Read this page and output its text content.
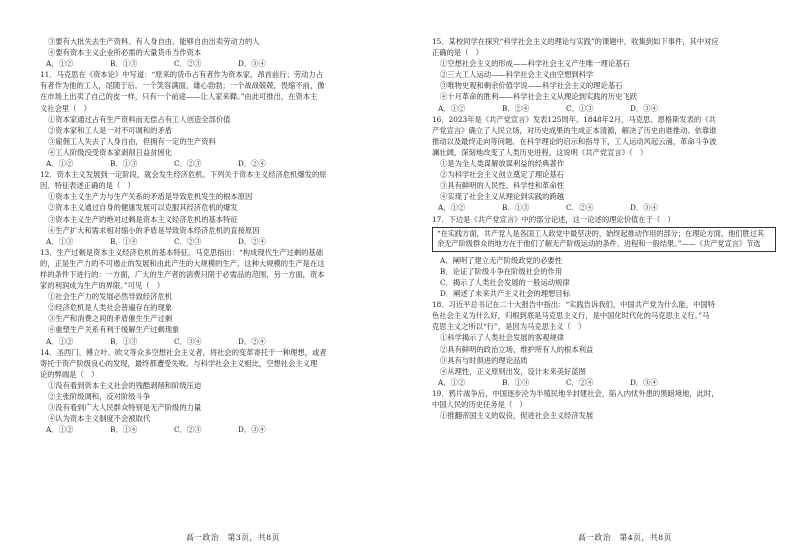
③要有大批失去生产资料、有人身自由、能够自由出卖劳动力的人
④要有资本主义企业所必需的大量货币当作资本
A．①②	B．①③	C．②③	D．③④
11．马克思在《资本论》中写道：“原来的货币占有者作为资本家，昂首前行；劳动力占
有者作为他的工人，尾随于后。一个笑容满面，雄心勃勃；一个战战兢兢，畏缩不前，像
在市场上出卖了自己的皮一样，只有一个前途——让人家来鞣。”由此可推出，在资本主
义社会里（　）
①资本家通过占有生产资料而无偿占有工人创造全部价值
②资本家和工人是一对不可调和的矛盾
③雇佣工人失去了人身自由，但拥有一定的生产资料
④工人阶级没受资本家剥削日益贫困化
A．①②	B．①③	C．②③	D．②④
12．资本主义发展到一定阶段，就会发生经济危机。下列关于资本主义经济危机爆发的原
因、特征表述正确的是（　）
①资本主义生产力与生产关系的矛盾是导致危机发生的根本原因
②资本主义通过自身的健康发展可以克服其经济危机的爆发
③资本主义生产的绝对过剩是资本主义经济危机的基本特征
④生产扩大和需求相对缩小的矛盾是导致资本经济危机的直接原因
A．①③	B．①④	C．②③	D．②④
13．生产过剩是资本主义经济危机的基本特征。马克思指出：“构成现代生产过剩的基础
的，正是生产力的不可遏止的发展和由此产生的大规模的生产，这种大规模的生产是在这
样的条件下进行的：一方面，广大的生产者的消费只限于必需品的范围，另一方面，资本
家的利润成为生产的界限。”可见（　）
①社会生产力的发展必然导致经济危机
②经济危机是人类社会普遍存在的现象
③生产和消费之间的矛盾催生生产过剩
④重塑生产关系有利于缓解生产过剩现象
A．①②	B．①③	C．③④	D．②④
14．圣西门、傅立叶、欧文等众多空想社会主义者，将社会的变革寄托于一种理想，或者
寄托于资产阶级良心的发现，最终都遭受失败。与科学社会主义相比，空想社会主义理
论的弊端是（　）
①没有看到资本主义社会的残酷剥削和阶级压迫
②主张阶级调和，反对阶级斗争
③没有看到广大人民群众特别是无产阶级的力量
④认为资本主义制度不会被取代
A．①②	B．①④	C．②③	D．③④
15．某校同学在探究“科学社会主义的理论与实践”的课题中，收集到如下事件，其中对应
正确的是（　）
①空想社会主义的形成——科学社会主义产生唯一理论基石
②三大工人运动——科学社会主义由空想到科学
③唯物史观和剩余价值学说——科学社会主义的理论基石
④十月革命的胜利——科学社会主义从理论到实践的历史飞跃
A．①②	B．②④	C．①③	D．③④
16．2023年是《共产党宣言》发表125周年。1848年2月，马克思、恩格斯发表的《共
产党宣言》确立了人民立场，对历史成果的生成正本清源，解决了历史由谁推动、依靠谁
推动以及最终走向等问题。在科学理论的启示和指导下，工人运动风起云涌，革命斗争波
澜壮阔，深刻地改变了人类历史进程。这说明《共产党宣言》（　）
①是为全人类谋解放谋利益的经典著作
②为科学社会主义创立奠定了理论基石
③具有鲜明的人民性、科学性和革命性
④实现了社会主义从理论到实践的跨越
A．①②	B．①③	C．②④	D．③④
17．下边是《共产党宣言》中的部分论述，这一论述的理论价值在于（　）
“在实践方面，共产党人是各国工人政党中最坚决的、始终起推动作用的部分；在理论方面，他们胜过其余无产阶级群众的地方在于他们了解无产阶级运动的条件、进程和一般结果。”——《共产党宣言》节选
A．阐明了建立无产阶级政党的必要性
B．论证了阶级斗争在阶级社会的作用
C．揭示了人类社会发展的一般运动规律
D．阐述了未来共产主义社会的理想目标
18．习近平总书记在二十大报告中指出：“实践告诉我们，中国共产党为什么能，中国特
色社会主义为什么好，归根到底是马克思主义行，是中国化时代化的马克思主义行。”马
克思主义之所以“行”，是因为马克思主义（　）
①科学揭示了人类社会发展的客观规律
②具有鲜明的政治立场，维护所有人的根本利益
③具有与时俱进的理论品质
④从理性，正义原则出发，设计未来美好蓝图
A．①②	B．①③	C．②④	D．③④
19．鸦片战争后，中国逐步沦为半殖民地半封建社会，陷入内忧外患的黑暗境地，此时，
中国人民的历史任务是（　）
①推翻帝国主义的奴役，促进社会主义经济发展
高一政治　第3页，共8页	高一政治　第4页，共8页
